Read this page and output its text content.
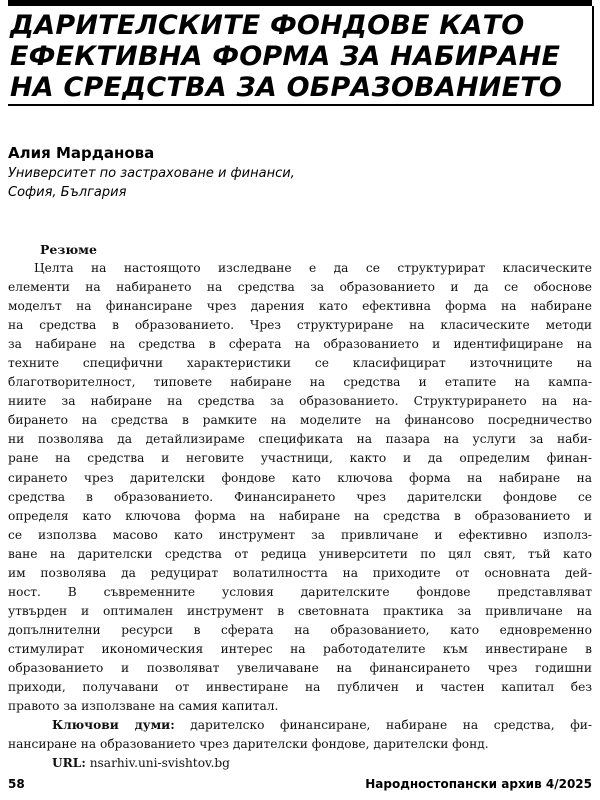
ДАРИТЕЛСКИТЕ ФОНДОВЕ КАТО
ЕФЕКТИВНА ФОРМА ЗА НАБИРАНЕ
НА СРЕДСТВА ЗА ОБРАЗОВАНИЕТО
Алия Марданова
Университет по застраховане и финанси,
София, България
Резюме
Целта на настоящото изследване е да се структурират класическите
елементи на набирането на средства за образованието и да се обоснове
моделът на финансиране чрез дарения като ефективна форма на набиране
на средства в образованието. Чрез структуриране на класическите методи
за набиране на средства в сферата на образованието и идентифициране на
техните специфични характеристики се класифицират източниците на
благотворителност, типовете набиране на средства и етапите на кампа-
ниите за набиране на средства за образованието. Структурирането на на-
бирането на средства в рамките на моделите на финансово посредничество
ни позволява да детайлизираме спецификата на пазара на услуги за наби-
ране на средства и неговите участници, както и да определим финан-
сирането чрез дарителски фондове като ключова форма на набиране на
средства в образованието. Финансирането чрез дарителски фондове се
определя като ключова форма на набиране на средства в образованието и
се използва масово като инструмент за привличане и ефективно използ-
ване на дарителски средства от редица университети по цял свят, тъй като
им позволява да редуцират волатилността на приходите от основната дей-
ност. В съвременните условия дарителските фондове представляват
утвърден и оптимален инструмент в световната практика за привличане на
допълнителни ресурси в сферата на образованието, като едновременно
стимулират икономическия интерес на работодателите към инвестиране в
образованието и позволяват увеличаване на финансирането чрез годишни
приходи, получавани от инвестиране на публичен и частен капитал без
правото за използване на самия капитал.
Ключови думи: дарителско финансиране, набиране на средства, фи-
нансиране на образованието чрез дарителски фондове, дарителски фонд.
URL: nsarhiv.uni-svishtov.bg
58	Народностопански архив 4/2025
